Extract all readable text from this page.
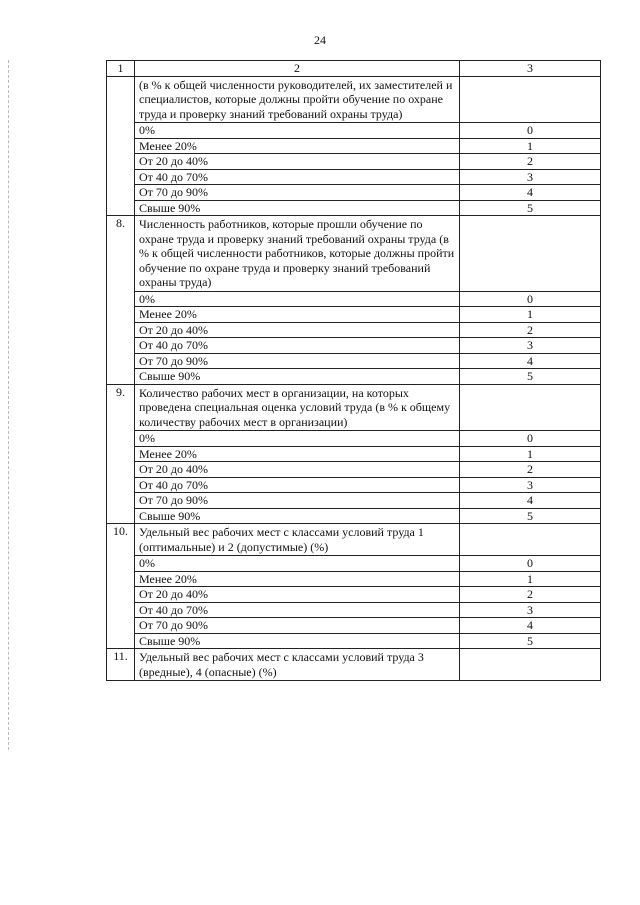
24
1	2	3
	(в % к общей численности руководителей, их заместителей и специалистов, которые должны пройти обучение по охране труда и проверку знаний требований охраны труда)	
	0%	0
	Менее 20%	1
	От 20 до 40%	2
	От 40 до 70%	3
	От 70 до 90%	4
	Свыше 90%	5
8.	Численность работников, которые прошли обучение по охране труда и проверку знаний требований охраны труда (в % к общей численности работников, которые должны пройти обучение по охране труда и проверку знаний требований охраны труда)	
	0%	0
	Менее 20%	1
	От 20 до 40%	2
	От 40 до 70%	3
	От 70 до 90%	4
	Свыше 90%	5
9.	Количество рабочих мест в организации, на которых проведена специальная оценка условий труда (в % к общему количеству рабочих мест в организации)	
	0%	0
	Менее 20%	1
	От 20 до 40%	2
	От 40 до 70%	3
	От 70 до 90%	4
	Свыше 90%	5
10.	Удельный вес рабочих мест с классами условий труда 1 (оптимальные) и 2 (допустимые) (%)	
	0%	0
	Менее 20%	1
	От 20 до 40%	2
	От 40 до 70%	3
	От 70 до 90%	4
	Свыше 90%	5
11.	Удельный вес рабочих мест с классами условий труда 3 (вредные), 4 (опасные) (%)	
